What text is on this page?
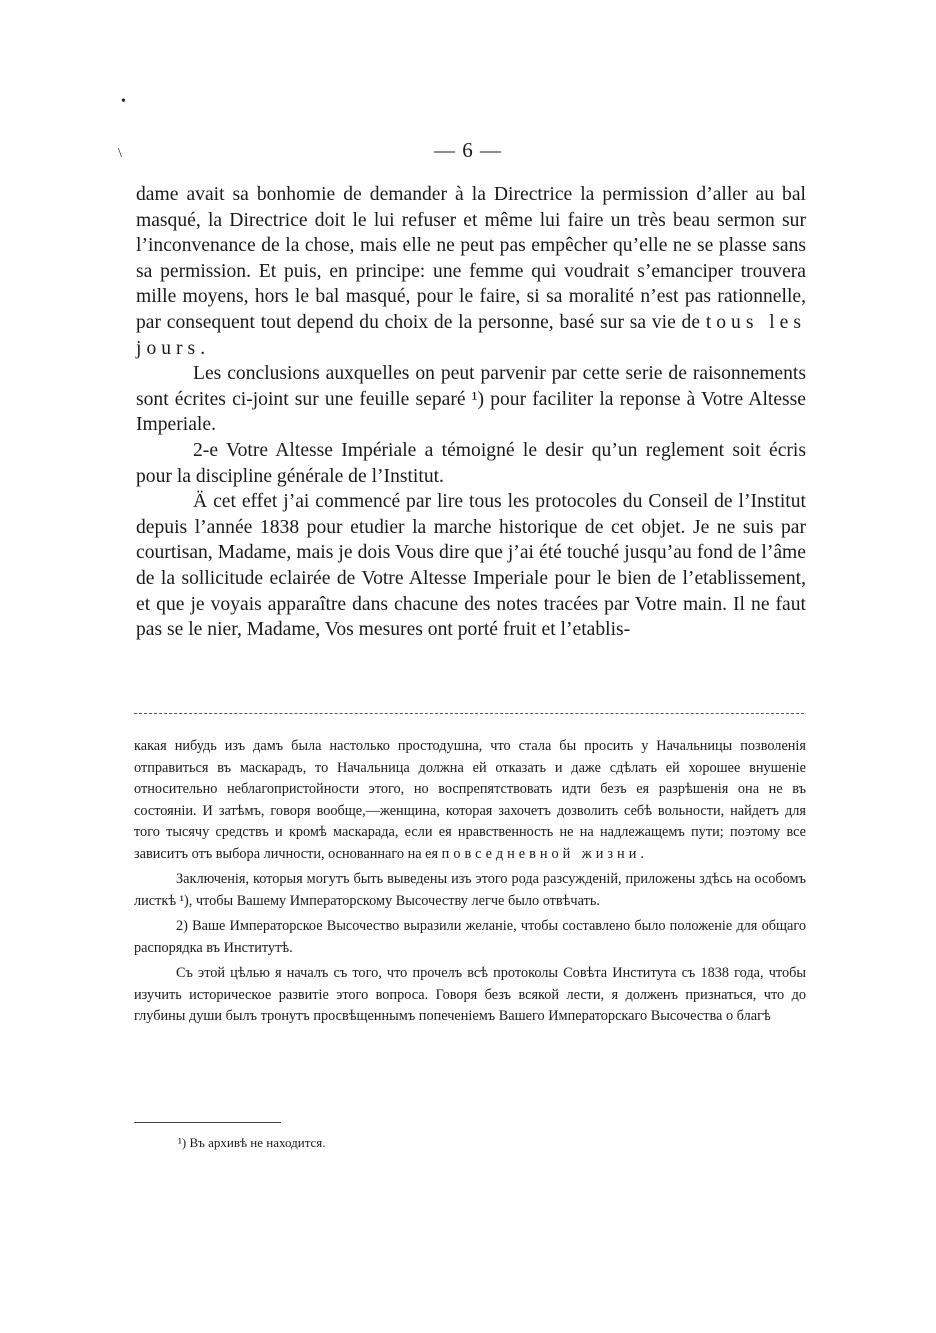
•
\	— 6 —

dame avait sa bonhomie de demander à la Directrice la permission d’aller au bal masqué, la Directrice doit le lui refuser et même lui faire un très beau sermon sur l’inconvenance de la chose, mais elle ne peut pas empêcher qu’elle ne se plasse sans sa permission. Et puis, en principe: une femme qui voudrait s’emanciper trouvera mille moyens, hors le bal masqué, pour le faire, si sa moralité n’est pas rationnelle, par consequent tout depend du choix de la personne, basé sur sa vie de tous les jours.

Les conclusions auxquelles on peut parvenir par cette serie de raisonnements sont écrites ci-joint sur une feuille separé ¹) pour faciliter la reponse à Votre Altesse Imperiale.

2-e Votre Altesse Impériale a témoigné le desir qu’un reglement soit écris pour la discipline générale de l’Institut.

Ä cet effet j’ai commencé par lire tous les protocoles du Conseil de l’Institut depuis l’année 1838 pour etudier la marche historique de cet objet. Je ne suis par courtisan, Madame, mais je dois Vous dire que j’ai été touché jusqu’au fond de l’âme de la sollicitude eclairée de Votre Altesse Imperiale pour le bien de l’etablissement, et que je voyais apparaître dans chacune des notes tracées par Votre main. Il ne faut pas se le nier, Madame, Vos mesures ont porté fruit et l’etablis-

какая нибудь изъ дамъ была настолько простодушна, что стала бы просить у Начальницы позволенія отправиться въ маскарадъ, то Начальница должна ей отказать и даже сдѣлать ей хорошее внушеніе относительно неблагопристойности этого, но воспрепятствовать идти безъ ея разрѣшенія она не въ состояніи. И затѣмъ, говоря вообще,—женщина, которая захочетъ дозволить себѣ вольности, найдетъ для того тысячу средствъ и кромѣ маскарада, если ея нравственность не на надлежащемъ пути; поэтому все зависитъ отъ выбора личности, основаннаго на ея повседневной жизни.

Заключенія, которыя могутъ быть выведены изъ этого рода разсужденій, приложены здѣсь на особомъ листкѣ ¹), чтобы Вашему Императорскому Высочеству легче было отвѣчать.

2) Ваше Императорское Высочество выразили желаніе, чтобы составлено было положеніе для общаго распорядка въ Институтѣ.

Съ этой цѣлью я началъ съ того, что прочелъ всѣ протоколы Совѣта Института съ 1838 года, чтобы изучить историческое развитіе этого вопроса. Говоря безъ всякой лести, я долженъ признаться, что до глубины души былъ тронутъ просвѣщеннымъ попеченіемъ Вашего Императорскаго Высочества о благѣ

¹) Въ архивѣ не находится.
